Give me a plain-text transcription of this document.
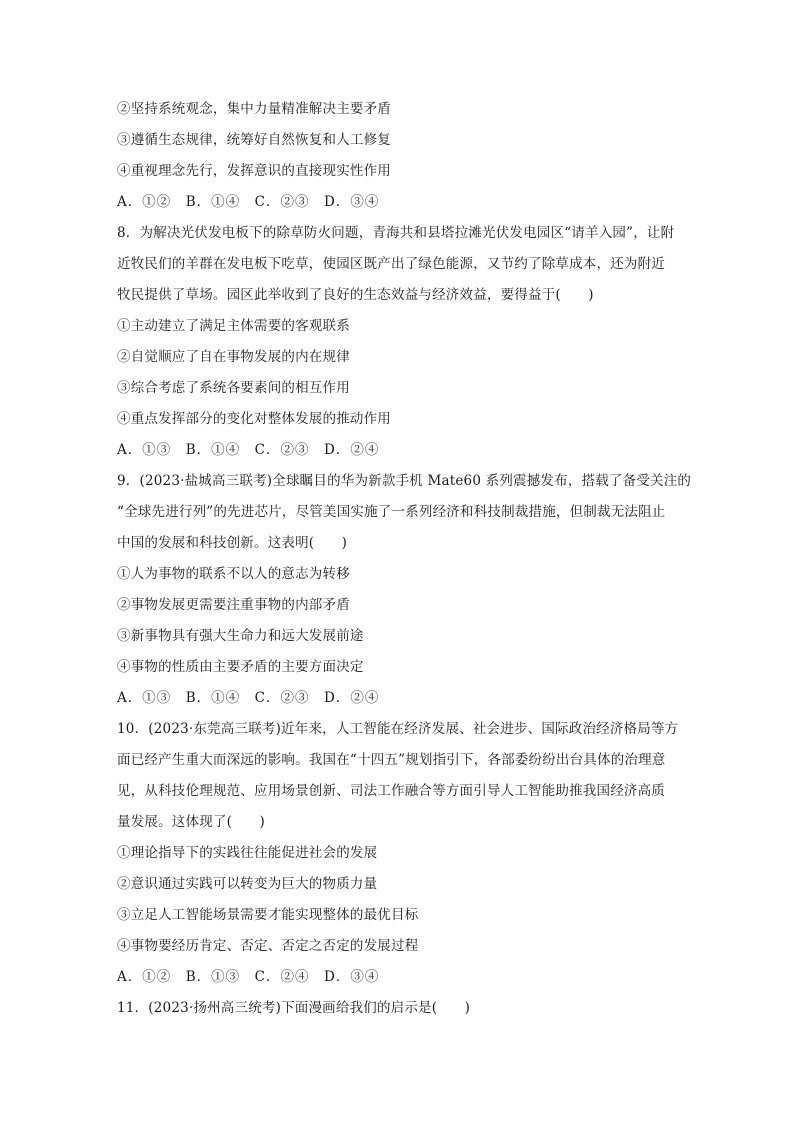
②坚持系统观念，集中力量精准解决主要矛盾
③遵循生态规律，统筹好自然恢复和人工修复
④重视理念先行，发挥意识的直接现实性作用
A．①②　B．①④　C．②③　D．③④
8．为解决光伏发电板下的除草防火问题，青海共和县塔拉滩光伏发电园区“请羊入园”，让附
近牧民们的羊群在发电板下吃草，使园区既产出了绿色能源，又节约了除草成本，还为附近
牧民提供了草场。园区此举收到了良好的生态效益与经济效益，要得益于(　　)
①主动建立了满足主体需要的客观联系
②自觉顺应了自在事物发展的内在规律
③综合考虑了系统各要素间的相互作用
④重点发挥部分的变化对整体发展的推动作用
A．①③　B．①④　C．②③　D．②④
9．(2023·盐城高三联考)全球瞩目的华为新款手机 Mate60 系列震撼发布，搭载了备受关注的
“全球先进行列”的先进芯片，尽管美国实施了一系列经济和科技制裁措施，但制裁无法阻止
中国的发展和科技创新。这表明(　　)
①人为事物的联系不以人的意志为转移
②事物发展更需要注重事物的内部矛盾
③新事物具有强大生命力和远大发展前途
④事物的性质由主要矛盾的主要方面决定
A．①③　B．①④　C．②③　D．②④
10．(2023·东莞高三联考)近年来，人工智能在经济发展、社会进步、国际政治经济格局等方
面已经产生重大而深远的影响。我国在“十四五”规划指引下，各部委纷纷出台具体的治理意
见，从科技伦理规范、应用场景创新、司法工作融合等方面引导人工智能助推我国经济高质
量发展。这体现了(　　)
①理论指导下的实践往往能促进社会的发展
②意识通过实践可以转变为巨大的物质力量
③立足人工智能场景需要才能实现整体的最优目标
④事物要经历肯定、否定、否定之否定的发展过程
A．①②　B．①③　C．②④　D．③④
11．(2023·扬州高三统考)下面漫画给我们的启示是(　　)
